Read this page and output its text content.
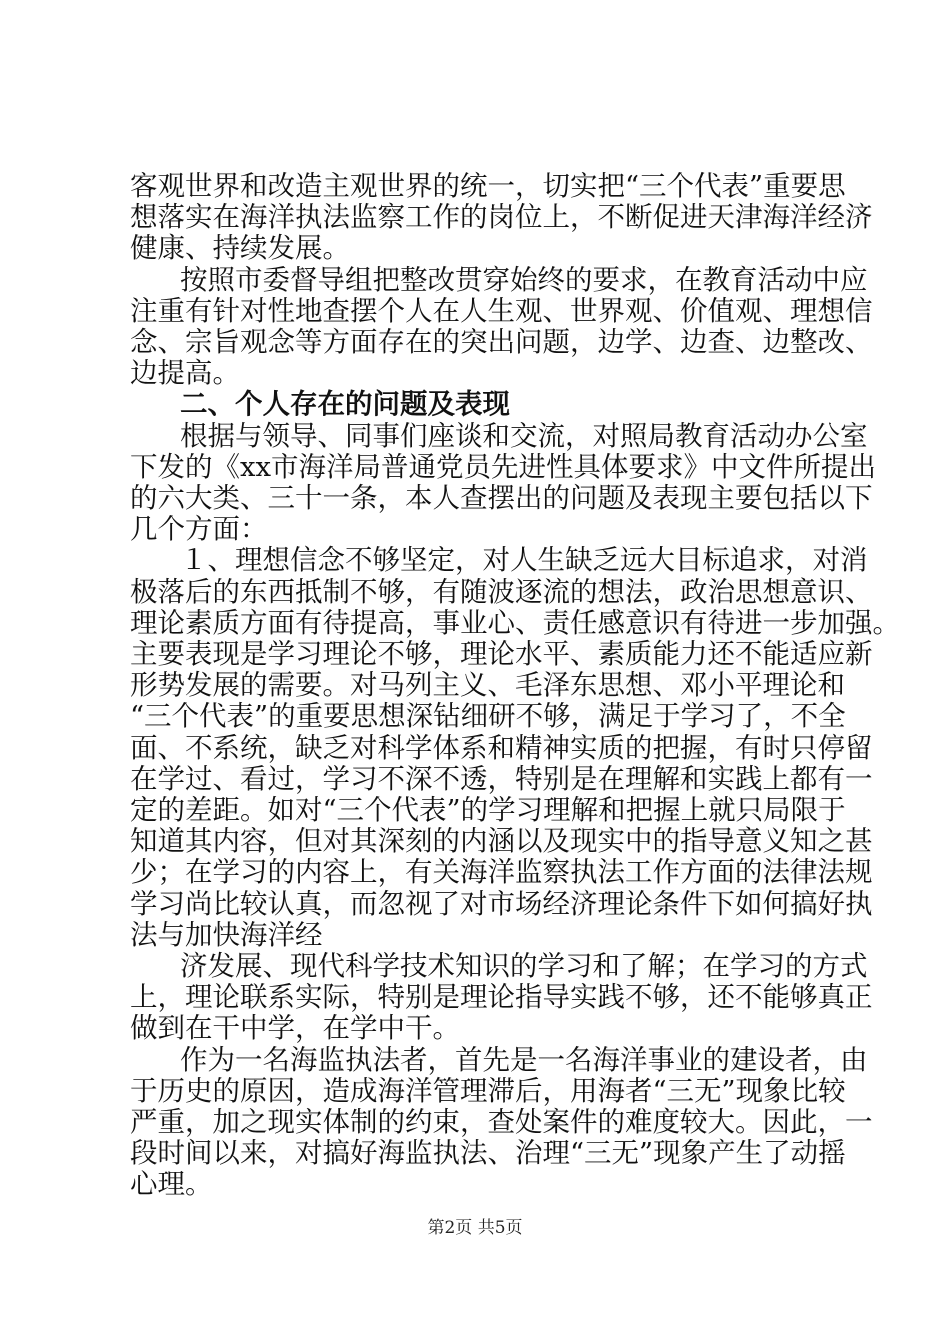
客观世界和改造主观世界的统一，切实把“三个代表”重要思
想落实在海洋执法监察工作的岗位上，不断促进天津海洋经济
健康、持续发展。
按照市委督导组把整改贯穿始终的要求，在教育活动中应
注重有针对性地查摆个人在人生观、世界观、价值观、理想信
念、宗旨观念等方面存在的突出问题，边学、边查、边整改、
边提高。
二、个人存在的问题及表现
根据与领导、同事们座谈和交流，对照局教育活动办公室
下发的《xx市海洋局普通党员先进性具体要求》中文件所提出
的六大类、三十一条，本人查摆出的问题及表现主要包括以下
几个方面：
１、理想信念不够坚定，对人生缺乏远大目标追求，对消
极落后的东西抵制不够，有随波逐流的想法，政治思想意识、
理论素质方面有待提高，事业心、责任感意识有待进一步加强。
主要表现是学习理论不够，理论水平、素质能力还不能适应新
形势发展的需要。对马列主义、毛泽东思想、邓小平理论和
“三个代表”的重要思想深钻细研不够，满足于学习了，不全
面、不系统，缺乏对科学体系和精神实质的把握，有时只停留
在学过、看过，学习不深不透，特别是在理解和实践上都有一
定的差距。如对“三个代表”的学习理解和把握上就只局限于
知道其内容，但对其深刻的内涵以及现实中的指导意义知之甚
少；在学习的内容上，有关海洋监察执法工作方面的法律法规
学习尚比较认真，而忽视了对市场经济理论条件下如何搞好执
法与加快海洋经
济发展、现代科学技术知识的学习和了解；在学习的方式
上，理论联系实际，特别是理论指导实践不够，还不能够真正
做到在干中学，在学中干。
作为一名海监执法者，首先是一名海洋事业的建设者，由
于历史的原因，造成海洋管理滞后，用海者“三无”现象比较
严重，加之现实体制的约束，查处案件的难度较大。因此，一
段时间以来，对搞好海监执法、治理“三无”现象产生了动摇
心理。
第2页 共5页
